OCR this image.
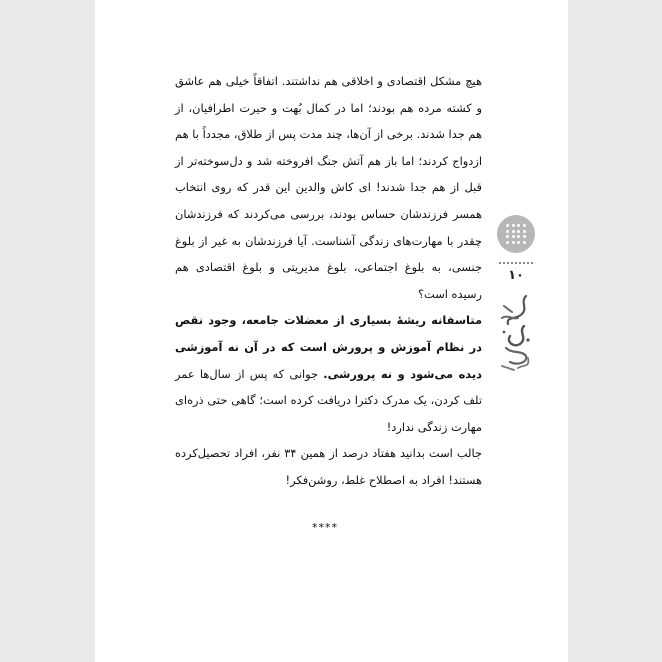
هیچ مشکل اقتصادی و اخلاقی هم نداشتند. اتفاقاً خیلی هم عاشق و کشته مرده هم بودند؛ اما در کمال بُهت و حیرت اطرافیان، از هم جدا شدند. برخی از آن‌ها، چند مدت پس از طلاق، مجدداً با هم ازدواج کردند؛ اما باز هم آتش جنگ افروخته شد و دل‌سوخته‌تر از قبل از هم جدا شدند! ای کاش والدین این قدر که روی انتخاب همسر فرزندشان حساس بودند، بررسی می‌کردند که فرزندشان چقدر با مهارت‌های زندگی آشناست. آیا فرزندشان به غیر از بلوغ جنسی، به بلوغ اجتماعی، بلوغ مدیریتی و بلوغ اقتصادی هم رسیده است؟

متاسفانه ریشهٔ بسیاری از معضلات جامعه، وجود نقص در نظام آموزش و پرورش است که در آن نه آموزشی دیده می‌شود و نه پرورشی. جوانی که پس از سال‌ها عمر تلف کردن، یک مدرک دکترا دریافت کرده است؛ گاهی حتی ذره‌ای مهارت زندگی ندارد!

جالب است بدانید هفتاد درصد از همین ۳۴ نفر، افراد تحصیل‌کرده هستند! افراد به اصطلاح غلط، روشن‌فکر!

****
۱۰
